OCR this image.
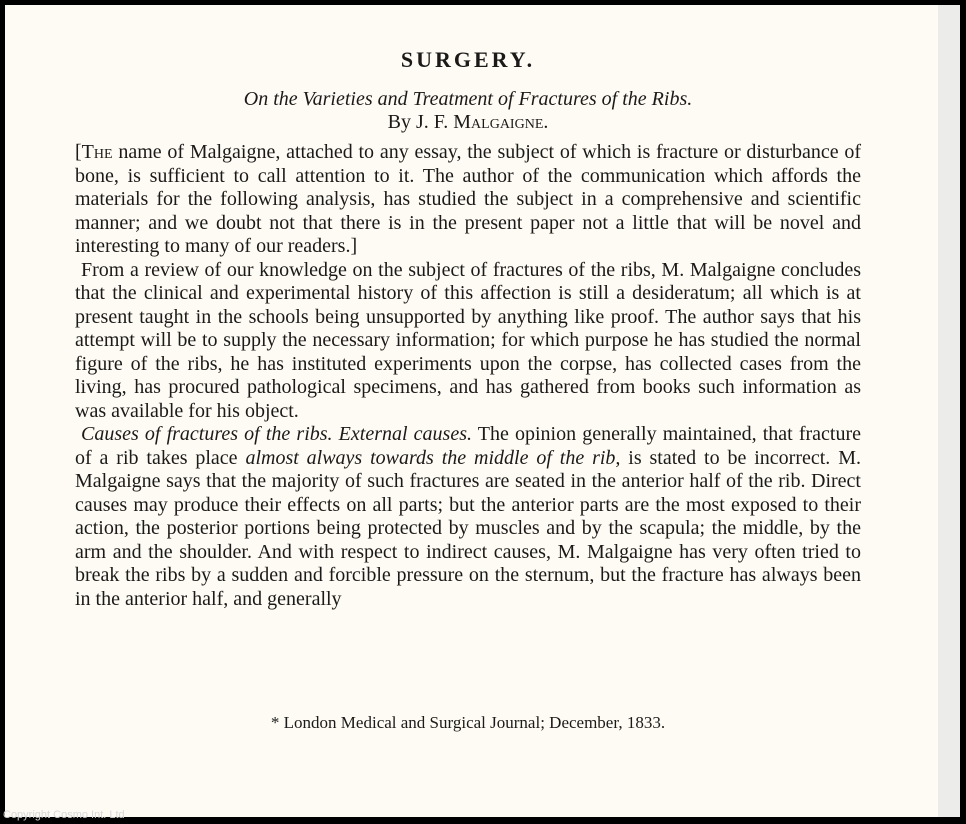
SURGERY.
On the Varieties and Treatment of Fractures of the Ribs.
By J. F. Malgaigne.

[The name of Malgaigne, attached to any essay, the subject of which is fracture or disturbance of bone, is sufficient to call attention to it. The author of the communication which affords the materials for the following analysis, has studied the subject in a comprehensive and scientific manner; and we doubt not that there is in the present paper not a little that will be novel and interesting to many of our readers.]

From a review of our knowledge on the subject of fractures of the ribs, M. Malgaigne concludes that the clinical and experimental history of this affection is still a desideratum; all which is at present taught in the schools being unsupported by anything like proof. The author says that his attempt will be to supply the necessary information; for which purpose he has studied the normal figure of the ribs, he has instituted experiments upon the corpse, has collected cases from the living, has procured pathological specimens, and has gathered from books such information as was available for his object.

Causes of fractures of the ribs. External causes. The opinion generally maintained, that fracture of a rib takes place almost always towards the middle of the rib, is stated to be incorrect. M. Malgaigne says that the majority of such fractures are seated in the anterior half of the rib. Direct causes may produce their effects on all parts; but the anterior parts are the most exposed to their action, the posterior portions being protected by muscles and by the scapula; the middle, by the arm and the shoulder. And with respect to indirect causes, M. Malgaigne has very often tried to break the ribs by a sudden and forcible pressure on the sternum, but the fracture has always been in the anterior half, and generally

* London Medical and Surgical Journal; December, 1833.
Copyright Cosmo Int. Ltd
